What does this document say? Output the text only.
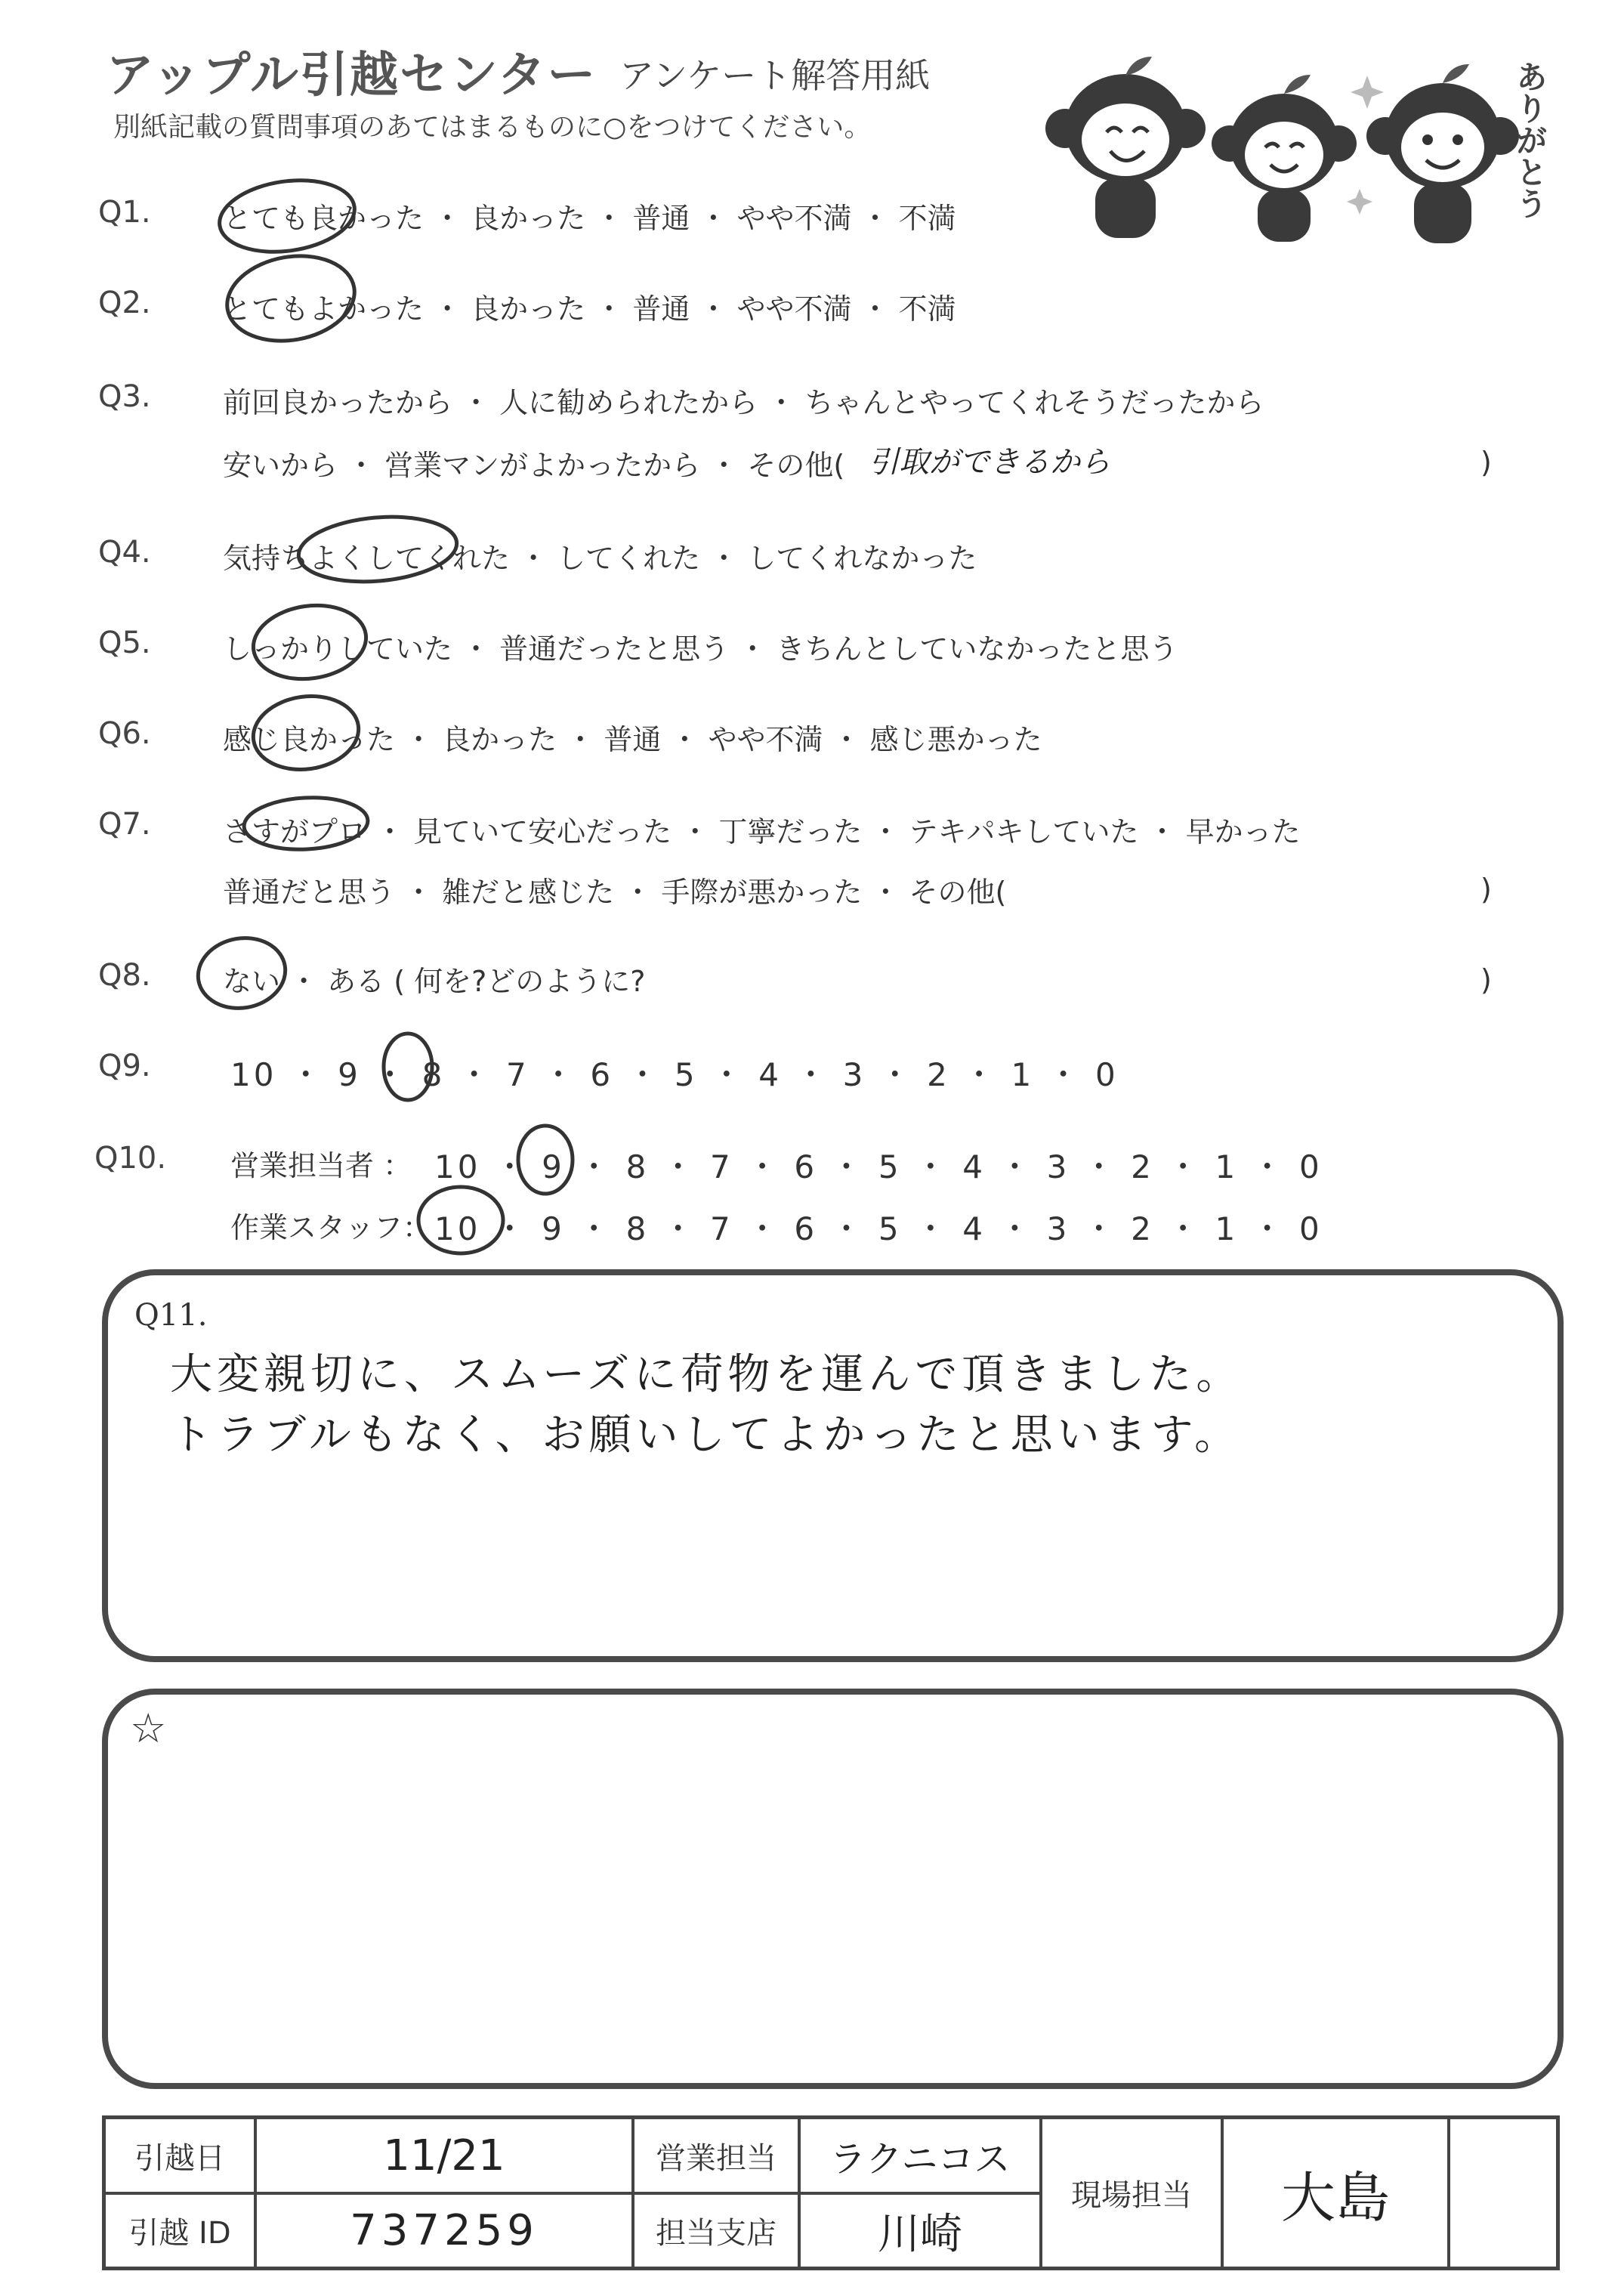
アップル引越センター アンケート解答用紙
別紙記載の質問事項のあてはまるものに○をつけてください。	ありがとう
Q1.	とても良かった ・ 良かった ・ 普通 ・ やや不満 ・ 不満
Q2.	とてもよかった ・ 良かった ・ 普通 ・ やや不満 ・ 不満
Q3.	前回良かったから ・ 人に勧められたから ・ ちゃんとやってくれそうだったから
安いから ・ 営業マンがよかったから ・ その他( 引取ができるから	)
Q4.	気持ちよくしてくれた ・ してくれた ・ してくれなかった
Q5.	しっかりしていた ・ 普通だったと思う ・ きちんとしていなかったと思う
Q6.	感じ良かった ・ 良かった ・ 普通 ・ やや不満 ・ 感じ悪かった
Q7.	さすがプロ ・ 見ていて安心だった ・ 丁寧だった ・ テキパキしていた ・ 早かった
普通だと思う ・ 雑だと感じた ・ 手際が悪かった ・ その他(	)
Q8.	ない ・ ある ( 何を?どのように?	)
Q9.	10 ・ 9 ・ 8 ・ 7 ・ 6 ・ 5 ・ 4 ・ 3 ・ 2 ・ 1 ・ 0
Q10. 営業担当者 ： 10 ・ 9 ・ 8 ・ 7 ・ 6 ・ 5 ・ 4 ・ 3 ・ 2 ・ 1 ・ 0
作業スタッフ： 10 ・ 9 ・ 8 ・ 7 ・ 6 ・ 5 ・ 4 ・ 3 ・ 2 ・ 1 ・ 0
Q11.
大変親切に、スムーズに荷物を運んで頂きました。
トラブルもなく、お願いしてよかったと思います。
☆
引越日	11/21
引越 ID	737259
営業担当	ラクニコス
担当支店	川崎
現場担当	大島
